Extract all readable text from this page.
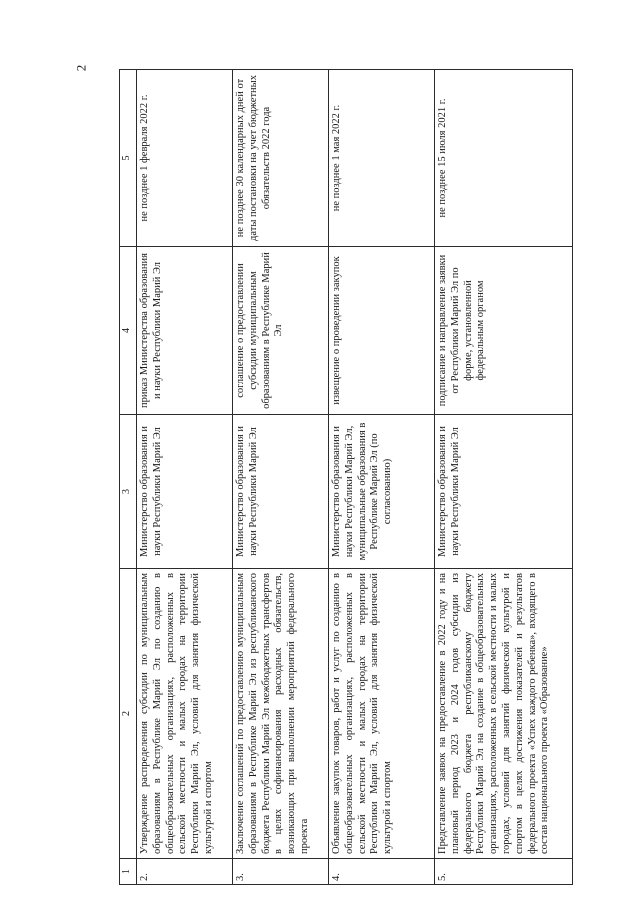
2
1	2	3	4	5
2.	Утверждение распределения субсидии по муниципальным образованиям в Республике Марий Эл по созданию в общеобразовательных организациях, расположенных в сельской местности и малых городах на территории Республики Марий Эл, условий для занятия физической культурой и спортом	Министерство образования и науки Республики Марий Эл	приказ Министерства образования и науки Республики Марий Эл	не позднее 1 февраля 2022 г.
3.	Заключение соглашений по предоставлению муниципальным образованиям в Республике Марий Эл из республиканского бюджета Республики Марий Эл межбюджетных трансфертов в целях софинансирования расходных обязательств, возникающих при выполнении мероприятий федерального проекта	Министерство образования и науки Республики Марий Эл	соглашение о предоставлении субсидии муниципальным образованиям в Республике Марий Эл	не позднее 30 календарных дней от даты постановки на учет бюджетных обязательств 2022 года
4.	Объявление закупок товаров, работ и услуг по созданию в общеобразовательных организациях, расположенных в сельской местности и малых городах на территории Республики Марий Эл, условий для занятия физической культурой и спортом	Министерство образования и науки Республики Марий Эл, муниципальные образования в Республике Марий Эл (по согласованию)	извещение о проведении закупок	не позднее 1 мая 2022 г.
5.	Представление заявок на предоставление в 2022 году и на плановый период 2023 и 2024 годов субсидии из федерального бюджета республиканскому бюджету Республики Марий Эл на создание в общеобразовательных организациях, расположенных в сельской местности и малых городах, условий для занятий физической культурой и спортом в целях достижения показателей и результатов федерального проекта «Успех каждого ребенка», входящего в состав национального проекта «Образование»	Министерство образования и науки Республики Марий Эл	подписание и направление заявки от Республики Марий Эл по форме, установленной федеральным органом	не позднее 15 июля 2021 г.
